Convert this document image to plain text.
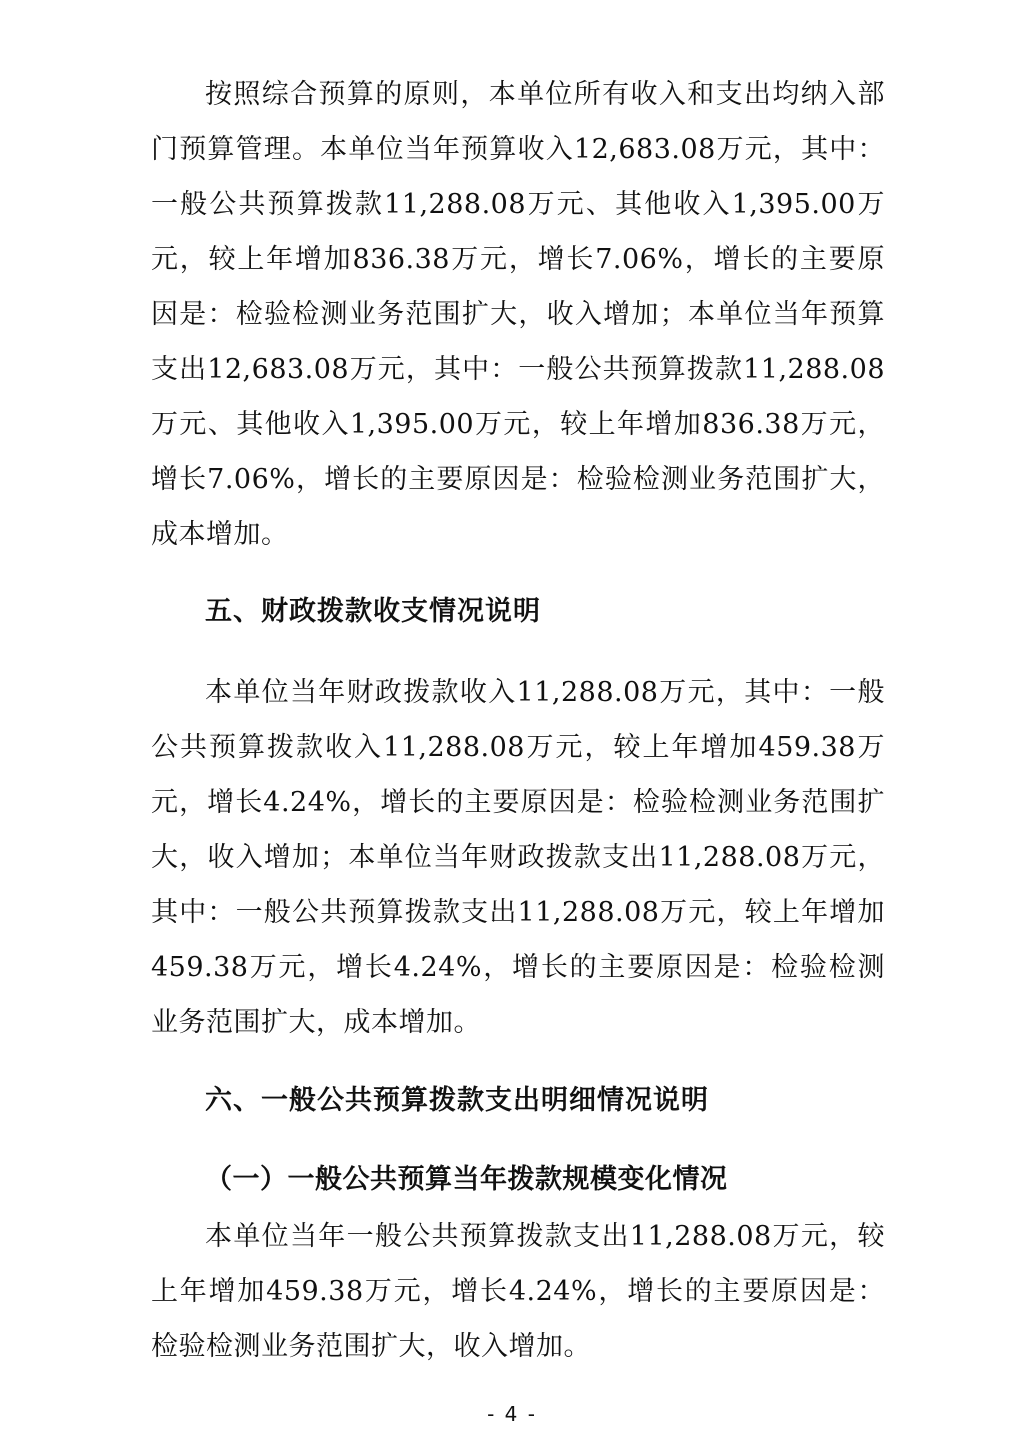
按照综合预算的原则，本单位所有收入和支出均纳入部门预算管理。本单位当年预算收入12,683.08万元，其中：一般公共预算拨款11,288.08万元、其他收入1,395.00万元，较上年增加836.38万元，增长7.06%，增长的主要原因是：检验检测业务范围扩大，收入增加；本单位当年预算支出12,683.08万元，其中：一般公共预算拨款11,288.08万元、其他收入1,395.00万元，较上年增加836.38万元，增长7.06%，增长的主要原因是：检验检测业务范围扩大，成本增加。

五、财政拨款收支情况说明

本单位当年财政拨款收入11,288.08万元，其中：一般公共预算拨款收入11,288.08万元，较上年增加459.38万元，增长4.24%，增长的主要原因是：检验检测业务范围扩大，收入增加；本单位当年财政拨款支出11,288.08万元，其中：一般公共预算拨款支出11,288.08万元，较上年增加459.38万元，增长4.24%，增长的主要原因是：检验检测业务范围扩大，成本增加。

六、一般公共预算拨款支出明细情况说明
（一）一般公共预算当年拨款规模变化情况

本单位当年一般公共预算拨款支出11,288.08万元，较上年增加459.38万元，增长4.24%，增长的主要原因是：检验检测业务范围扩大，收入增加。

- 4 -
